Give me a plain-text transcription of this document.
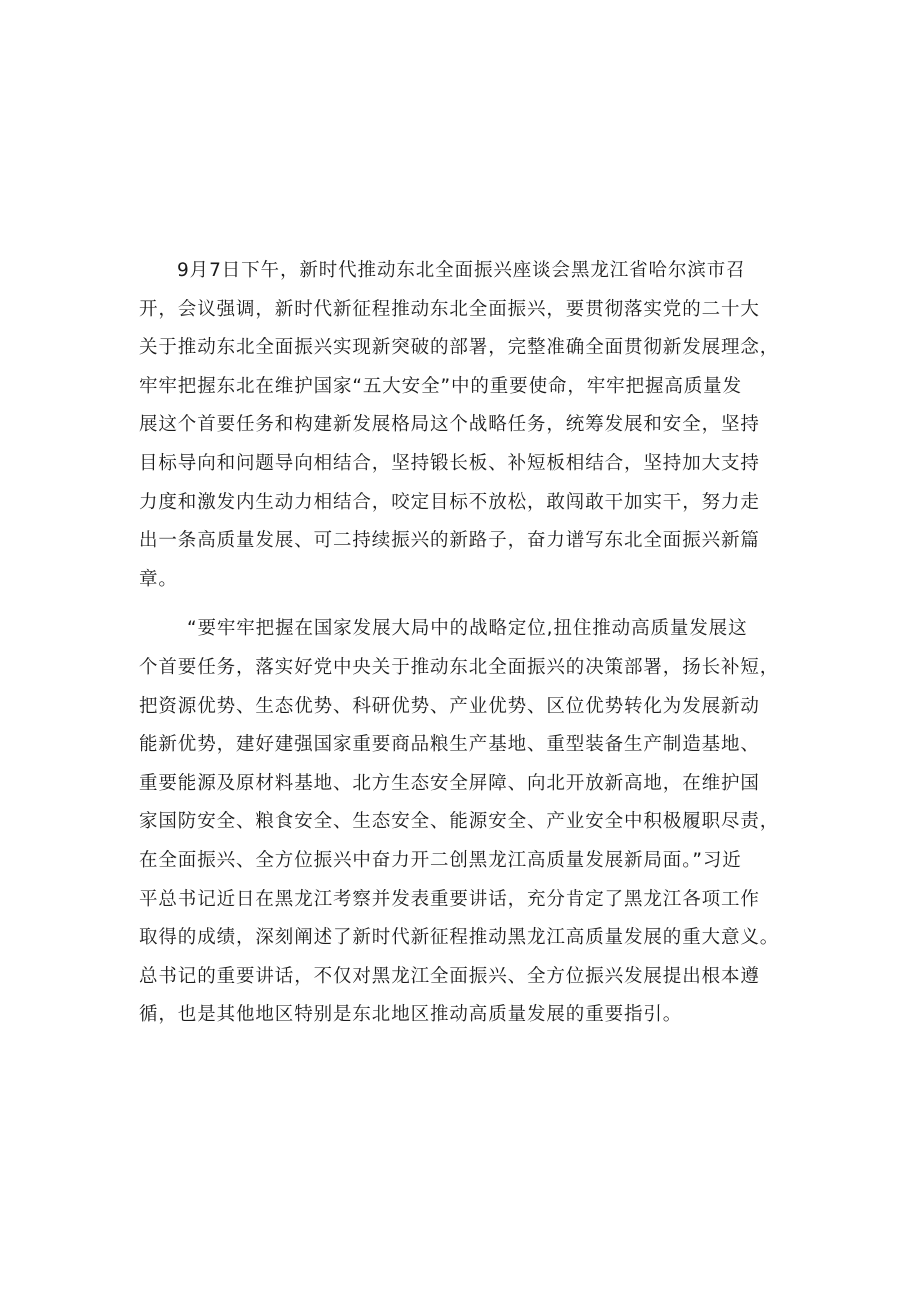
9月7日下午，新时代推动东北全面振兴座谈会黑龙江省哈尔滨市召
开，会议强调，新时代新征程推动东北全面振兴，要贯彻落实党的二十大
关于推动东北全面振兴实现新突破的部署，完整准确全面贯彻新发展理念，
牢牢把握东北在维护国家“五大安全”中的重要使命，牢牢把握高质量发
展这个首要任务和构建新发展格局这个战略任务，统筹发展和安全，坚持
目标导向和问题导向相结合，坚持锻长板、补短板相结合，坚持加大支持
力度和激发内生动力相结合，咬定目标不放松，敢闯敢干加实干，努力走
出一条高质量发展、可二持续振兴的新路子，奋力谱写东北全面振兴新篇
章。
“要牢牢把握在国家发展大局中的战略定位,扭住推动高质量发展这
个首要任务，落实好党中央关于推动东北全面振兴的决策部署，扬长补短，
把资源优势、生态优势、科研优势、产业优势、区位优势转化为发展新动
能新优势，建好建强国家重要商品粮生产基地、重型装备生产制造基地、
重要能源及原材料基地、北方生态安全屏障、向北开放新高地，在维护国
家国防安全、粮食安全、生态安全、能源安全、产业安全中积极履职尽责，
在全面振兴、全方位振兴中奋力开二创黑龙江高质量发展新局面。”习近
平总书记近日在黑龙江考察并发表重要讲话，充分肯定了黑龙江各项工作
取得的成绩，深刻阐述了新时代新征程推动黑龙江高质量发展的重大意义。
总书记的重要讲话，不仅对黑龙江全面振兴、全方位振兴发展提出根本遵
循，也是其他地区特别是东北地区推动高质量发展的重要指引。
